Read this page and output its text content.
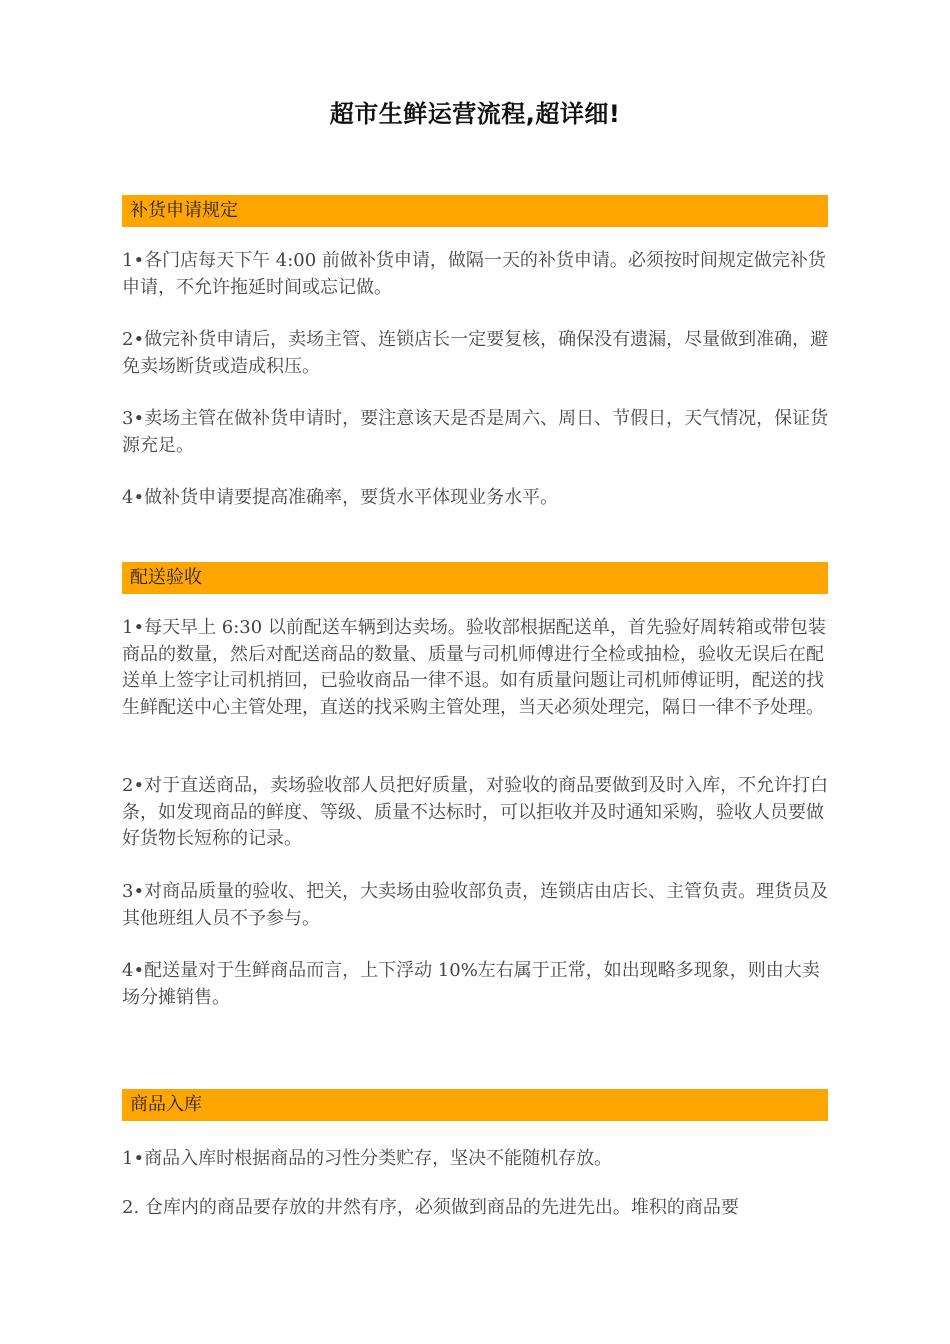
超市生鲜运营流程,超详细!
补货申请规定

1•各门店每天下午 4:00 前做补货申请，做隔一天的补货申请。必须按时间规定做完补货申请，不允许拖延时间或忘记做。

2•做完补货申请后，卖场主管、连锁店长一定要复核，确保没有遗漏，尽量做到准确，避免卖场断货或造成积压。

3•卖场主管在做补货申请时，要注意该天是否是周六、周日、节假日，天气情况，保证货源充足。

4•做补货申请要提高准确率，要货水平体现业务水平。

配送验收

1•每天早上 6:30 以前配送车辆到达卖场。验收部根据配送单，首先验好周转箱或带包装商品的数量，然后对配送商品的数量、质量与司机师傅进行全检或抽检，验收无误后在配送单上签字让司机捎回，已验收商品一律不退。如有质量问题让司机师傅证明，配送的找生鲜配送中心主管处理，直送的找采购主管处理，当天必须处理完，隔日一律不予处理。

2•对于直送商品，卖场验收部人员把好质量，对验收的商品要做到及时入库，不允许打白条，如发现商品的鲜度、等级、质量不达标时，可以拒收并及时通知采购，验收人员要做好货物长短称的记录。

3•对商品质量的验收、把关，大卖场由验收部负责，连锁店由店长、主管负责。理货员及其他班组人员不予参与。

4•配送量对于生鲜商品而言，上下浮动 10%左右属于正常，如出现略多现象，则由大卖场分摊销售。

商品入库

1•商品入库时根据商品的习性分类贮存，坚决不能随机存放。

2. 仓库内的商品要存放的井然有序，必须做到商品的先进先出。堆积的商品要
